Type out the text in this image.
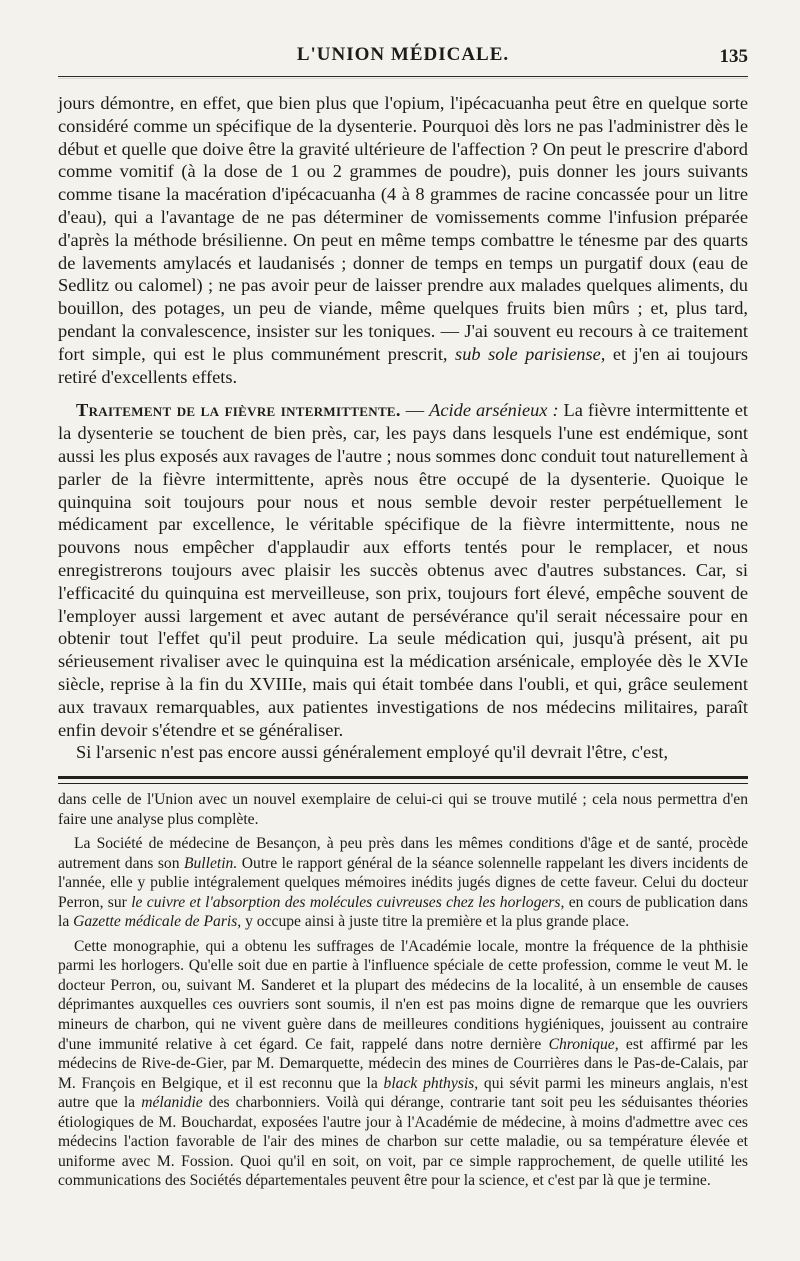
L'UNION MÉDICALE.	135

jours démontre, en effet, que bien plus que l'opium, l'ipécacuanha peut être en quelque sorte considéré comme un spécifique de la dysenterie. Pourquoi dès lors ne pas l'administrer dès le début et quelle que doive être la gravité ultérieure de l'affection ? On peut le prescrire d'abord comme vomitif (à la dose de 1 ou 2 grammes de poudre), puis donner les jours suivants comme tisane la macération d'ipécacuanha (4 à 8 grammes de racine concassée pour un litre d'eau), qui a l'avantage de ne pas déterminer de vomissements comme l'infusion préparée d'après la méthode brésilienne. On peut en même temps combattre le ténesme par des quarts de lavements amylacés et laudanisés ; donner de temps en temps un purgatif doux (eau de Sedlitz ou calomel) ; ne pas avoir peur de laisser prendre aux malades quelques aliments, du bouillon, des potages, un peu de viande, même quelques fruits bien mûrs ; et, plus tard, pendant la convalescence, insister sur les toniques. — J'ai souvent eu recours à ce traitement fort simple, qui est le plus communément prescrit, sub sole parisiense, et j'en ai toujours retiré d'excellents effets.

Traitement de la fièvre intermittente. — Acide arsénieux : La fièvre intermittente et la dysenterie se touchent de bien près, car, les pays dans lesquels l'une est endémique, sont aussi les plus exposés aux ravages de l'autre ; nous sommes donc conduit tout naturellement à parler de la fièvre intermittente, après nous être occupé de la dysenterie. Quoique le quinquina soit toujours pour nous et nous semble devoir rester perpétuellement le médicament par excellence, le véritable spécifique de la fièvre intermittente, nous ne pouvons nous empêcher d'applaudir aux efforts tentés pour le remplacer, et nous enregistrerons toujours avec plaisir les succès obtenus avec d'autres substances. Car, si l'efficacité du quinquina est merveilleuse, son prix, toujours fort élevé, empêche souvent de l'employer aussi largement et avec autant de persévérance qu'il serait nécessaire pour en obtenir tout l'effet qu'il peut produire. La seule médication qui, jusqu'à présent, ait pu sérieusement rivaliser avec le quinquina est la médication arsénicale, employée dès le XVIe siècle, reprise à la fin du XVIIIe, mais qui était tombée dans l'oubli, et qui, grâce seulement aux travaux remarquables, aux patientes investigations de nos médecins militaires, paraît enfin devoir s'étendre et se généraliser.

Si l'arsenic n'est pas encore aussi généralement employé qu'il devrait l'être, c'est,

dans celle de l'Union avec un nouvel exemplaire de celui-ci qui se trouve mutilé ; cela nous permettra d'en faire une analyse plus complète.

La Société de médecine de Besançon, à peu près dans les mêmes conditions d'âge et de santé, procède autrement dans son Bulletin. Outre le rapport général de la séance solennelle rappelant les divers incidents de l'année, elle y publie intégralement quelques mémoires inédits jugés dignes de cette faveur. Celui du docteur Perron, sur le cuivre et l'absorption des molécules cuivreuses chez les horlogers, en cours de publication dans la Gazette médicale de Paris, y occupe ainsi à juste titre la première et la plus grande place.

Cette monographie, qui a obtenu les suffrages de l'Académie locale, montre la fréquence de la phthisie parmi les horlogers. Qu'elle soit due en partie à l'influence spéciale de cette profession, comme le veut M. le docteur Perron, ou, suivant M. Sanderet et la plupart des médecins de la localité, à un ensemble de causes déprimantes auxquelles ces ouvriers sont soumis, il n'en est pas moins digne de remarque que les ouvriers mineurs de charbon, qui ne vivent guère dans de meilleures conditions hygiéniques, jouissent au contraire d'une immunité relative à cet égard. Ce fait, rappelé dans notre dernière Chronique, est affirmé par les médecins de Rive-de-Gier, par M. Demarquette, médecin des mines de Courrières dans le Pas-de-Calais, par M. François en Belgique, et il est reconnu que la black phthysis, qui sévit parmi les mineurs anglais, n'est autre que la mélanidie des charbonniers. Voilà qui dérange, contrarie tant soit peu les séduisantes théories étiologiques de M. Bouchardat, exposées l'autre jour à l'Académie de médecine, à moins d'admettre avec ces médecins l'action favorable de l'air des mines de charbon sur cette maladie, ou sa température élevée et uniforme avec M. Fossion. Quoi qu'il en soit, on voit, par ce simple rapprochement, de quelle utilité les communications des Sociétés départementales peuvent être pour la science, et c'est par là que je termine.
